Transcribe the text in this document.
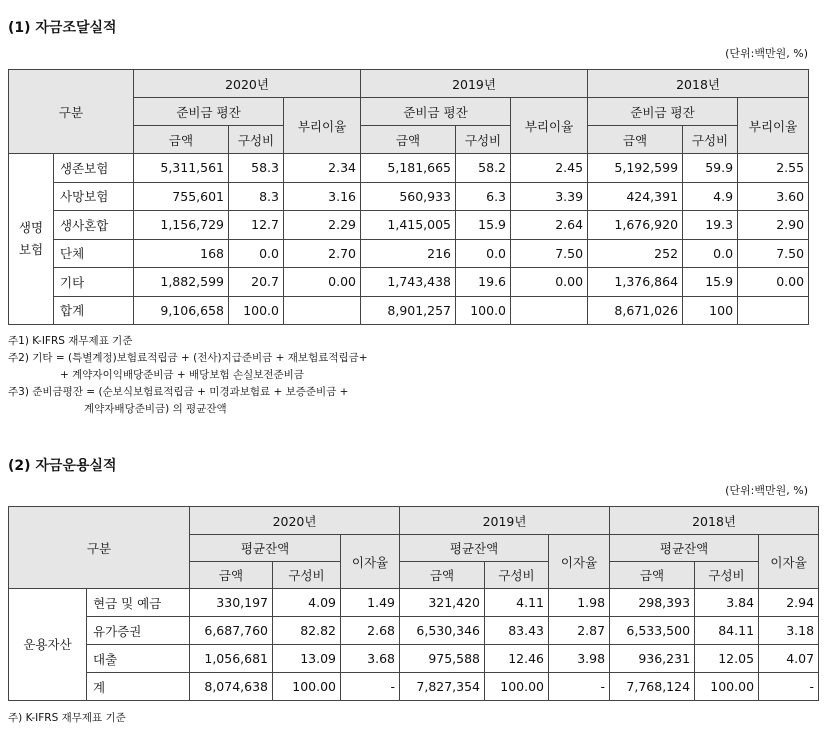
(1) 자금조달실적
(단위:백만원, %)
구분		2020년			2019년			2018년		
		준비금 평잔		부리이율	준비금 평잔		부리이율	준비금 평잔		부리이율
		금액	구성비		금액	구성비		금액	구성비	
생명
보험	생존보험	5,311,561	58.3	2.34	5,181,665	58.2	2.45	5,192,599	59.9	2.55
	사망보험	755,601	8.3	3.16	560,933	6.3	3.39	424,391	4.9	3.60
	생사혼합	1,156,729	12.7	2.29	1,415,005	15.9	2.64	1,676,920	19.3	2.90
	단체	168	0.0	2.70	216	0.0	7.50	252	0.0	7.50
	기타	1,882,599	20.7	0.00	1,743,438	19.6	0.00	1,376,864	15.9	0.00
	합계	9,106,658	100.0		8,901,257	100.0		8,671,026	100	
주1) K-IFRS 재무제표 기준
주2) 기타 = (특별계정)보험료적립금 + (전사)지급준비금 + 재보험료적립금+
+ 계약자이익배당준비금 + 배당보험 손실보전준비금
주3) 준비금평잔 = (순보식보험료적립금 + 미경과보험료 + 보증준비금 +
계약자배당준비금) 의 평균잔액
(2) 자금운용실적
(단위:백만원, %)
구분		2020년			2019년			2018년		
		평균잔액		이자율	평균잔액		이자율	평균잔액		이자율
		금액	구성비		금액	구성비		금액	구성비	
운용자산	현금 및 예금	330,197	4.09	1.49	321,420	4.11	1.98	298,393	3.84	2.94
	유가증권	6,687,760	82.82	2.68	6,530,346	83.43	2.87	6,533,500	84.11	3.18
	대출	1,056,681	13.09	3.68	975,588	12.46	3.98	936,231	12.05	4.07
	계	8,074,638	100.00	-	7,827,354	100.00	-	7,768,124	100.00	-
주) K-IFRS 재무제표 기준
